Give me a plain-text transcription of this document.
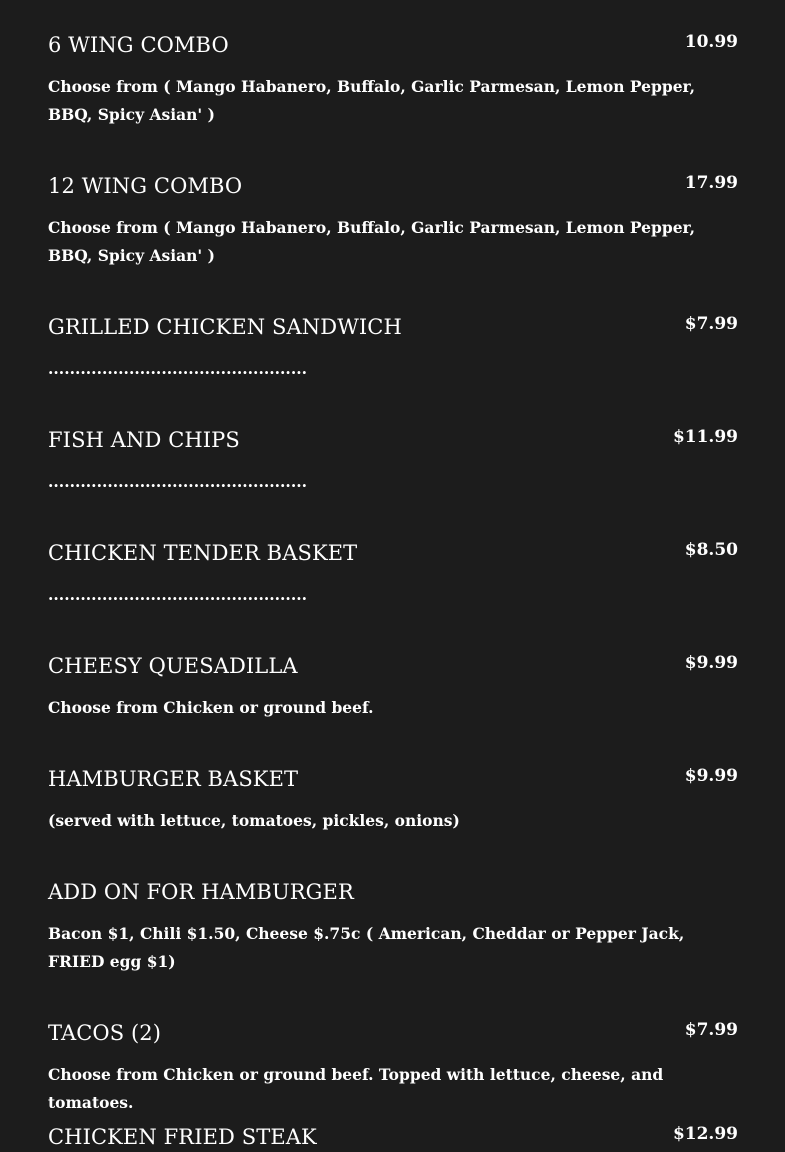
6 WING COMBO	10.99
Choose from ( Mango Habanero, Buffalo, Garlic Parmesan, Lemon Pepper, BBQ, Spicy Asian' )
12 WING COMBO	17.99
Choose from ( Mango Habanero, Buffalo, Garlic Parmesan, Lemon Pepper, BBQ, Spicy Asian' )
GRILLED CHICKEN SANDWICH	$7.99
................................................
FISH AND CHIPS	$11.99
................................................
CHICKEN TENDER BASKET	$8.50
................................................
CHEESY QUESADILLA	$9.99
Choose from Chicken or ground beef.
HAMBURGER BASKET	$9.99
(served with lettuce, tomatoes, pickles, onions)
ADD ON FOR HAMBURGER
Bacon $1, Chili $1.50, Cheese $.75c ( American, Cheddar or Pepper Jack, FRIED egg $1)
TACOS (2)	$7.99
Choose from Chicken or ground beef. Topped with lettuce, cheese, and tomatoes.
CHICKEN FRIED STEAK	$12.99
